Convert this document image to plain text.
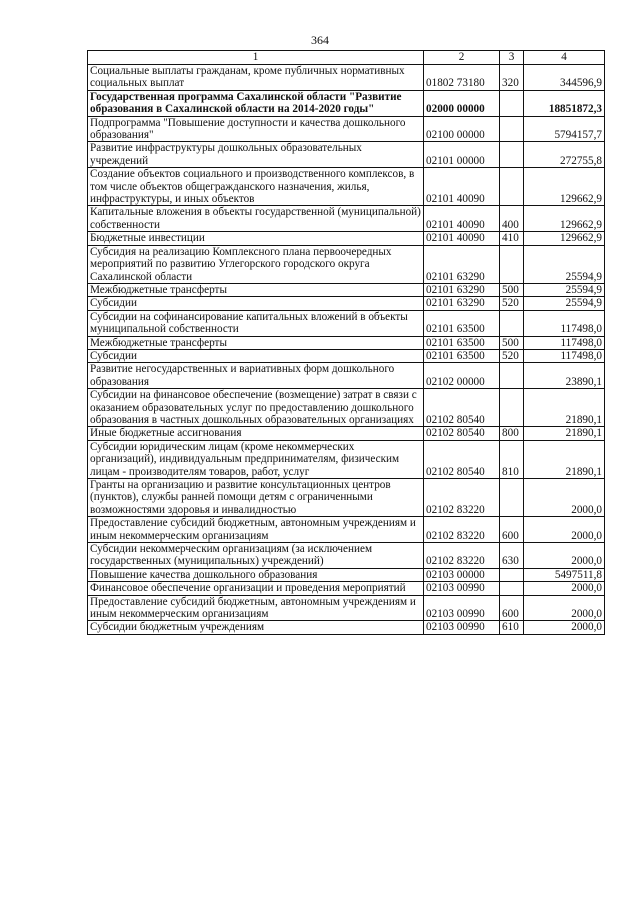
364
1	2	3	4
Социальные выплаты гражданам, кроме публичных нормативных социальных выплат	01802 73180	320	344596,9
Государственная программа Сахалинской области "Развитие образования в Сахалинской области на 2014-2020 годы"	02000 00000		18851872,3
Подпрограмма "Повышение доступности и качества дошкольного образования"	02100 00000		5794157,7
Развитие инфраструктуры дошкольных образовательных учреждений	02101 00000		272755,8
Создание объектов социального и производственного комплексов, в том числе объектов общегражданского назначения, жилья, инфраструктуры, и иных объектов	02101 40090		129662,9
Капитальные вложения в объекты государственной (муниципальной) собственности	02101 40090	400	129662,9
Бюджетные инвестиции	02101 40090	410	129662,9
Субсидия на реализацию Комплексного плана первоочередных мероприятий по развитию Углегорского городского округа Сахалинской области	02101 63290		25594,9
Межбюджетные трансферты	02101 63290	500	25594,9
Субсидии	02101 63290	520	25594,9
Субсидии на софинансирование капитальных вложений в объекты муниципальной собственности	02101 63500		117498,0
Межбюджетные трансферты	02101 63500	500	117498,0
Субсидии	02101 63500	520	117498,0
Развитие негосударственных и вариативных форм дошкольного образования	02102 00000		23890,1
Субсидии на финансовое обеспечение (возмещение) затрат в связи с оказанием образовательных услуг по предоставлению дошкольного образования в частных дошкольных образовательных организациях	02102 80540		21890,1
Иные бюджетные ассигнования	02102 80540	800	21890,1
Субсидии юридическим лицам (кроме некоммерческих организаций), индивидуальным предпринимателям, физическим лицам - производителям товаров, работ, услуг	02102 80540	810	21890,1
Гранты на организацию и развитие консультационных центров (пунктов), службы ранней помощи детям с ограниченными возможностями здоровья и инвалидностью	02102 83220		2000,0
Предоставление субсидий бюджетным, автономным учреждениям и иным некоммерческим организациям	02102 83220	600	2000,0
Субсидии некоммерческим организациям (за исключением государственных (муниципальных) учреждений)	02102 83220	630	2000,0
Повышение качества дошкольного образования	02103 00000		5497511,8
Финансовое обеспечение организации и проведения мероприятий	02103 00990		2000,0
Предоставление субсидий бюджетным, автономным учреждениям и иным некоммерческим организациям	02103 00990	600	2000,0
Субсидии бюджетным учреждениям	02103 00990	610	2000,0
